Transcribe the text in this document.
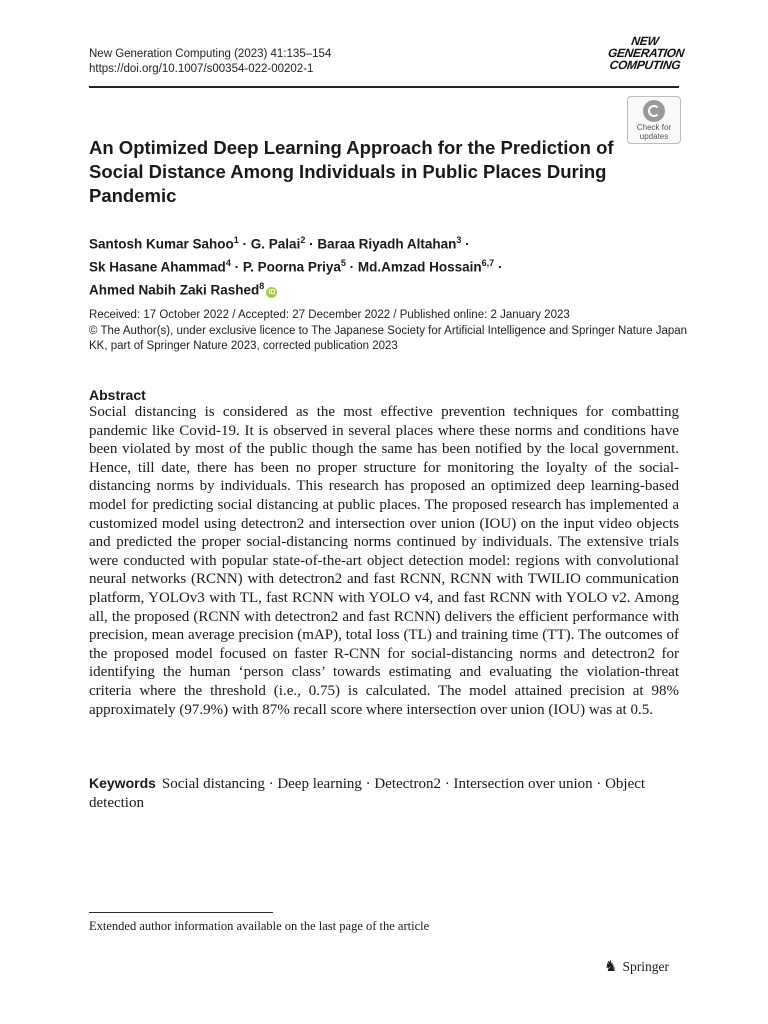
New Generation Computing (2023) 41:135–154
https://doi.org/10.1007/s00354-022-00202-1
NEW
GENERATION
COMPUTING
Check for
updates
An Optimized Deep Learning Approach for the Prediction of Social Distance Among Individuals in Public Places During Pandemic
Santosh Kumar Sahoo$^1$ · G. Palai$^2$ · Baraa Riyadh Altahan$^3$ ·
Sk Hasane Ahammad$^4$ · P. Poorna Priya$^5$ · Md.Amzad Hossain$^{6,7}$ ·
Ahmed Nabih Zaki Rashed$^8$iD
Received: 17 October 2022 / Accepted: 27 December 2022 / Published online: 2 January 2023
© The Author(s), under exclusive licence to The Japanese Society for Artificial Intelligence and Springer Nature Japan KK, part of Springer Nature 2023, corrected publication 2023
Abstract

Social distancing is considered as the most effective prevention techniques for combatting pandemic like Covid-19. It is observed in several places where these norms and conditions have been violated by most of the public though the same has been notified by the local government. Hence, till date, there has been no proper structure for monitoring the loyalty of the social-distancing norms by individuals. This research has proposed an optimized deep learning-based model for predicting social distancing at public places. The proposed research has implemented a customized model using detectron2 and intersection over union (IOU) on the input video objects and predicted the proper social-distancing norms continued by individuals. The extensive trials were conducted with popular state-of-the-art object detection model: regions with convolutional neural networks (RCNN) with detectron2 and fast RCNN, RCNN with TWILIO communication platform, YOLOv3 with TL, fast RCNN with YOLO v4, and fast RCNN with YOLO v2. Among all, the proposed (RCNN with detectron2 and fast RCNN) delivers the efficient performance with precision, mean average precision (mAP), total loss (TL) and training time (TT). The outcomes of the proposed model focused on faster R-CNN for social-distancing norms and detectron2 for identifying the human ‘person class’ towards estimating and evaluating the violation-threat criteria where the threshold (i.e., 0.75) is calculated. The model attained precision at 98% approximately (97.9%) with 87% recall score where intersection over union (IOU) was at 0.5.

Keywords Social distancing · Deep learning · Detectron2 · Intersection over union · Object detection
Extended author information available on the last page of the article
♞ Springer
